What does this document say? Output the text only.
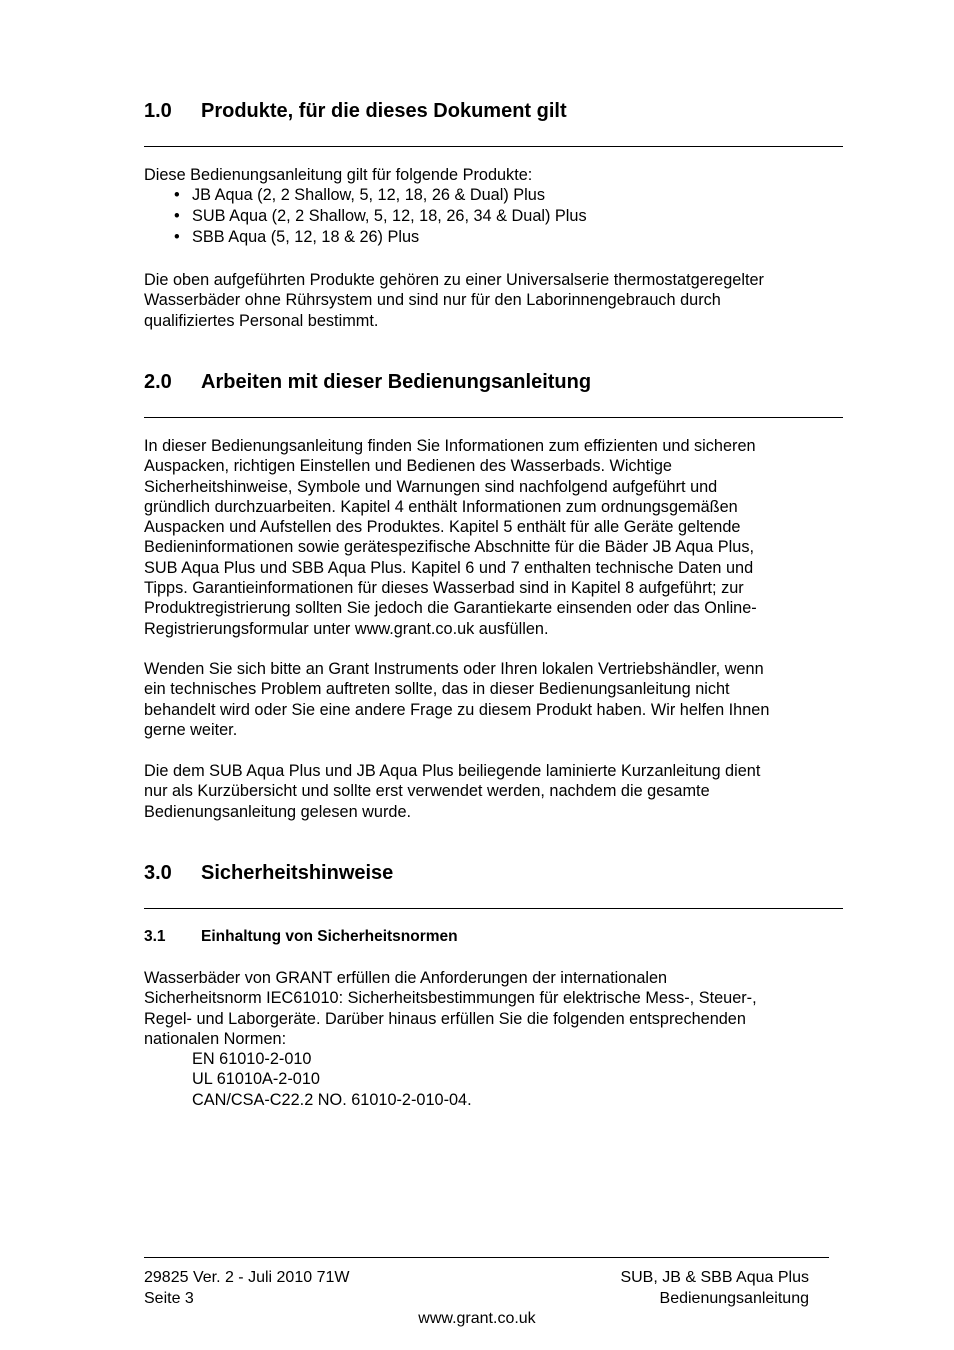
1.0 Produkte, für die dieses Dokument gilt

Diese Bedienungsanleitung gilt für folgende Produkte:

• JB Aqua (2, 2 Shallow, 5, 12, 18, 26 & Dual) Plus
• SUB Aqua (2, 2 Shallow, 5, 12, 18, 26, 34 & Dual) Plus
• SBB Aqua (5, 12, 18 & 26) Plus

Die oben aufgeführten Produkte gehören zu einer Universalserie thermostatgeregelter
Wasserbäder ohne Rührsystem und sind nur für den Laborinnengebrauch durch
qualifiziertes Personal bestimmt.

2.0 Arbeiten mit dieser Bedienungsanleitung

In dieser Bedienungsanleitung finden Sie Informationen zum effizienten und sicheren
Auspacken, richtigen Einstellen und Bedienen des Wasserbads. Wichtige
Sicherheitshinweise, Symbole und Warnungen sind nachfolgend aufgeführt und
gründlich durchzuarbeiten. Kapitel 4 enthält Informationen zum ordnungsgemäßen
Auspacken und Aufstellen des Produktes. Kapitel 5 enthält für alle Geräte geltende
Bedieninformationen sowie gerätespezifische Abschnitte für die Bäder JB Aqua Plus,
SUB Aqua Plus und SBB Aqua Plus. Kapitel 6 und 7 enthalten technische Daten und
Tipps. Garantieinformationen für dieses Wasserbad sind in Kapitel 8 aufgeführt; zur
Produktregistrierung sollten Sie jedoch die Garantiekarte einsenden oder das Online-
Registrierungsformular unter www.grant.co.uk ausfüllen.

Wenden Sie sich bitte an Grant Instruments oder Ihren lokalen Vertriebshändler, wenn
ein technisches Problem auftreten sollte, das in dieser Bedienungsanleitung nicht
behandelt wird oder Sie eine andere Frage zu diesem Produkt haben. Wir helfen Ihnen
gerne weiter.

Die dem SUB Aqua Plus und JB Aqua Plus beiliegende laminierte Kurzanleitung dient
nur als Kurzübersicht und sollte erst verwendet werden, nachdem die gesamte
Bedienungsanleitung gelesen wurde.

3.0 Sicherheitshinweise
3.1 Einhaltung von Sicherheitsnormen

Wasserbäder von GRANT erfüllen die Anforderungen der internationalen
Sicherheitsnorm IEC61010: Sicherheitsbestimmungen für elektrische Mess-, Steuer-,
Regel- und Laborgeräte. Darüber hinaus erfüllen Sie die folgenden entsprechenden
nationalen Normen:

EN 61010-2-010
UL 61010A-2-010
CAN/CSA-C22.2 NO. 61010-2-010-04.
29825 Ver. 2 - Juli 2010 71W
Seite 3
SUB, JB & SBB Aqua Plus
Bedienungsanleitung
www.grant.co.uk
